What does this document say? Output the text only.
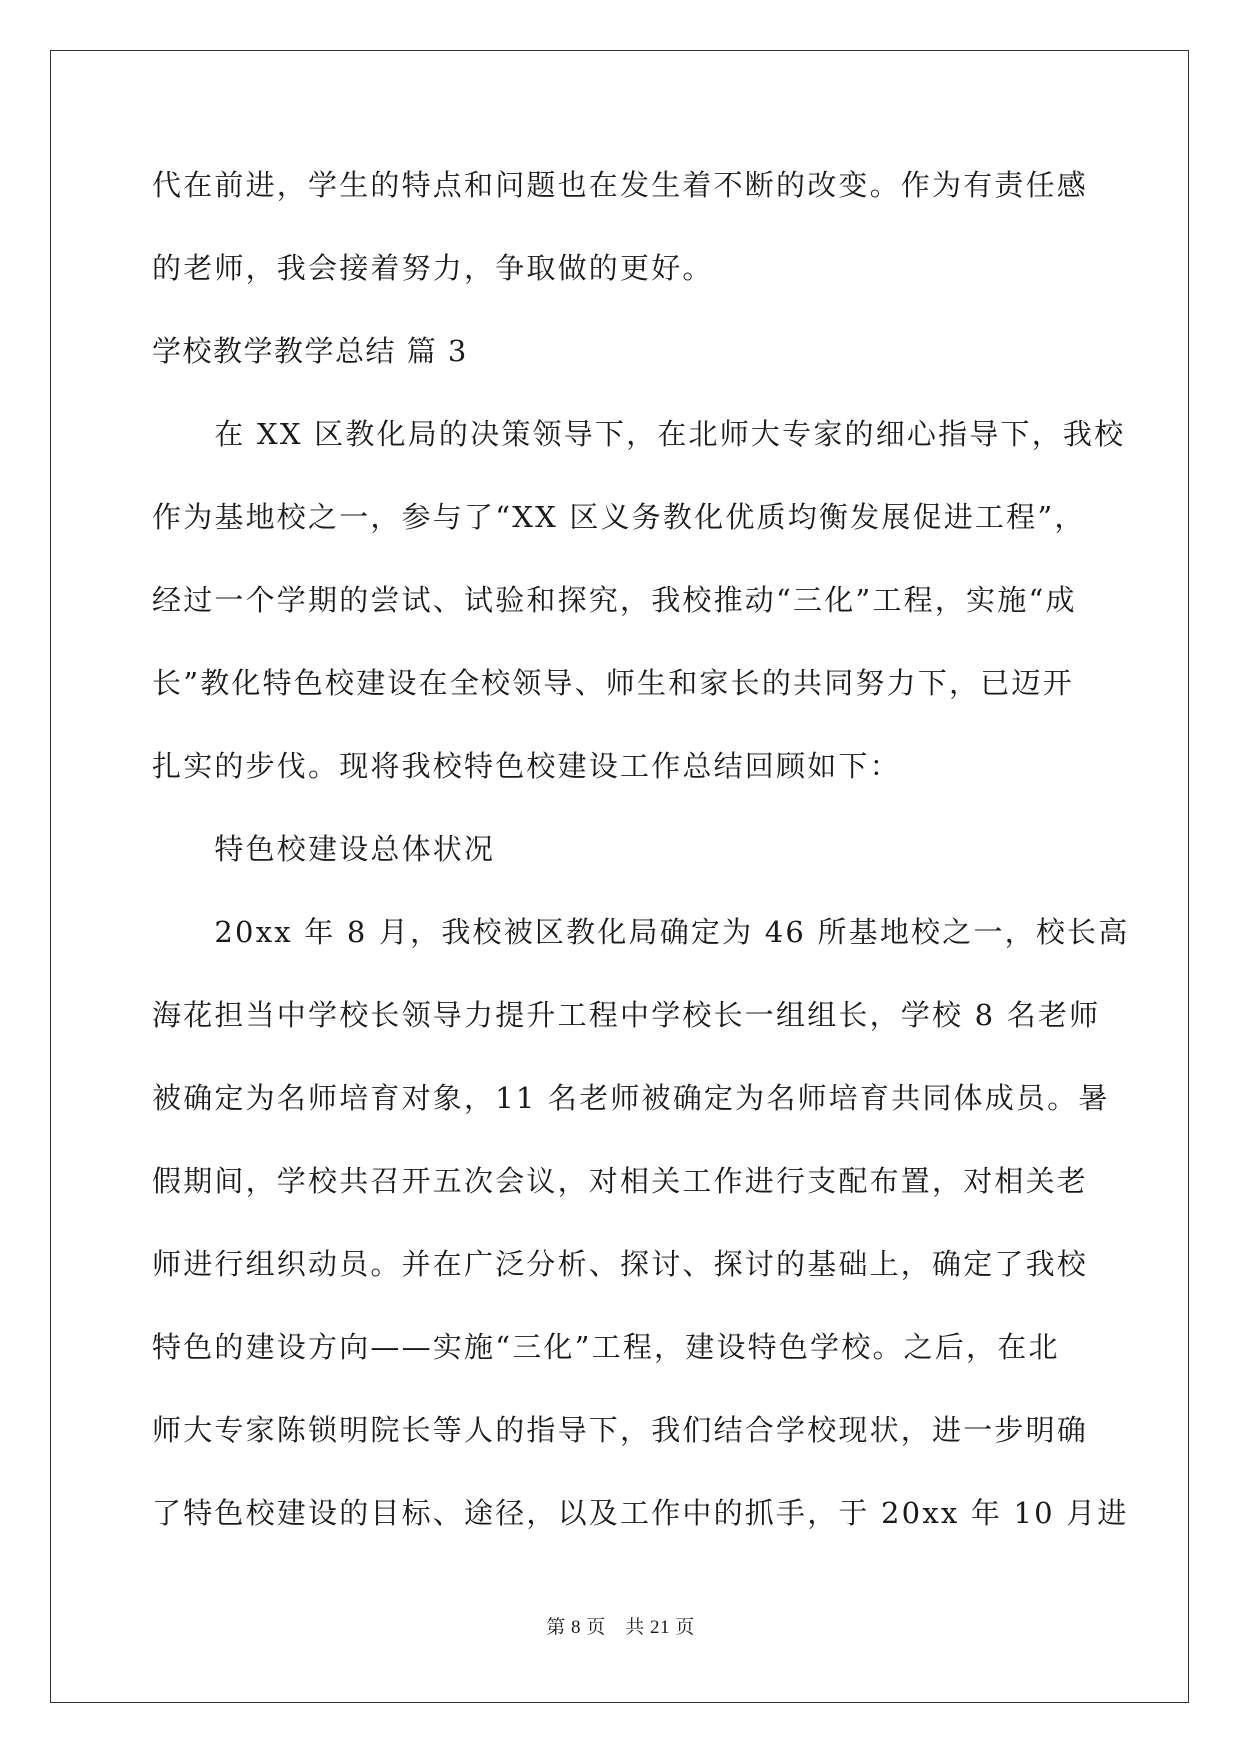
代在前进，学生的特点和问题也在发生着不断的改变。作为有责任感
的老师，我会接着努力，争取做的更好。
学校教学教学总结 篇 3
　　在 XX 区教化局的决策领导下，在北师大专家的细心指导下，我校
作为基地校之一，参与了“XX 区义务教化优质均衡发展促进工程”，
经过一个学期的尝试、试验和探究，我校推动“三化”工程，实施“成
长”教化特色校建设在全校领导、师生和家长的共同努力下，已迈开
扎实的步伐。现将我校特色校建设工作总结回顾如下：
　　特色校建设总体状况
　　20xx 年 8 月，我校被区教化局确定为 46 所基地校之一，校长高
海花担当中学校长领导力提升工程中学校长一组组长，学校 8 名老师
被确定为名师培育对象，11 名老师被确定为名师培育共同体成员。暑
假期间，学校共召开五次会议，对相关工作进行支配布置，对相关老
师进行组织动员。并在广泛分析、探讨、探讨的基础上，确定了我校
特色的建设方向——实施“三化”工程，建设特色学校。之后，在北
师大专家陈锁明院长等人的指导下，我们结合学校现状，进一步明确
了特色校建设的目标、途径，以及工作中的抓手，于 20xx 年 10 月进
第 8 页　共 21 页
